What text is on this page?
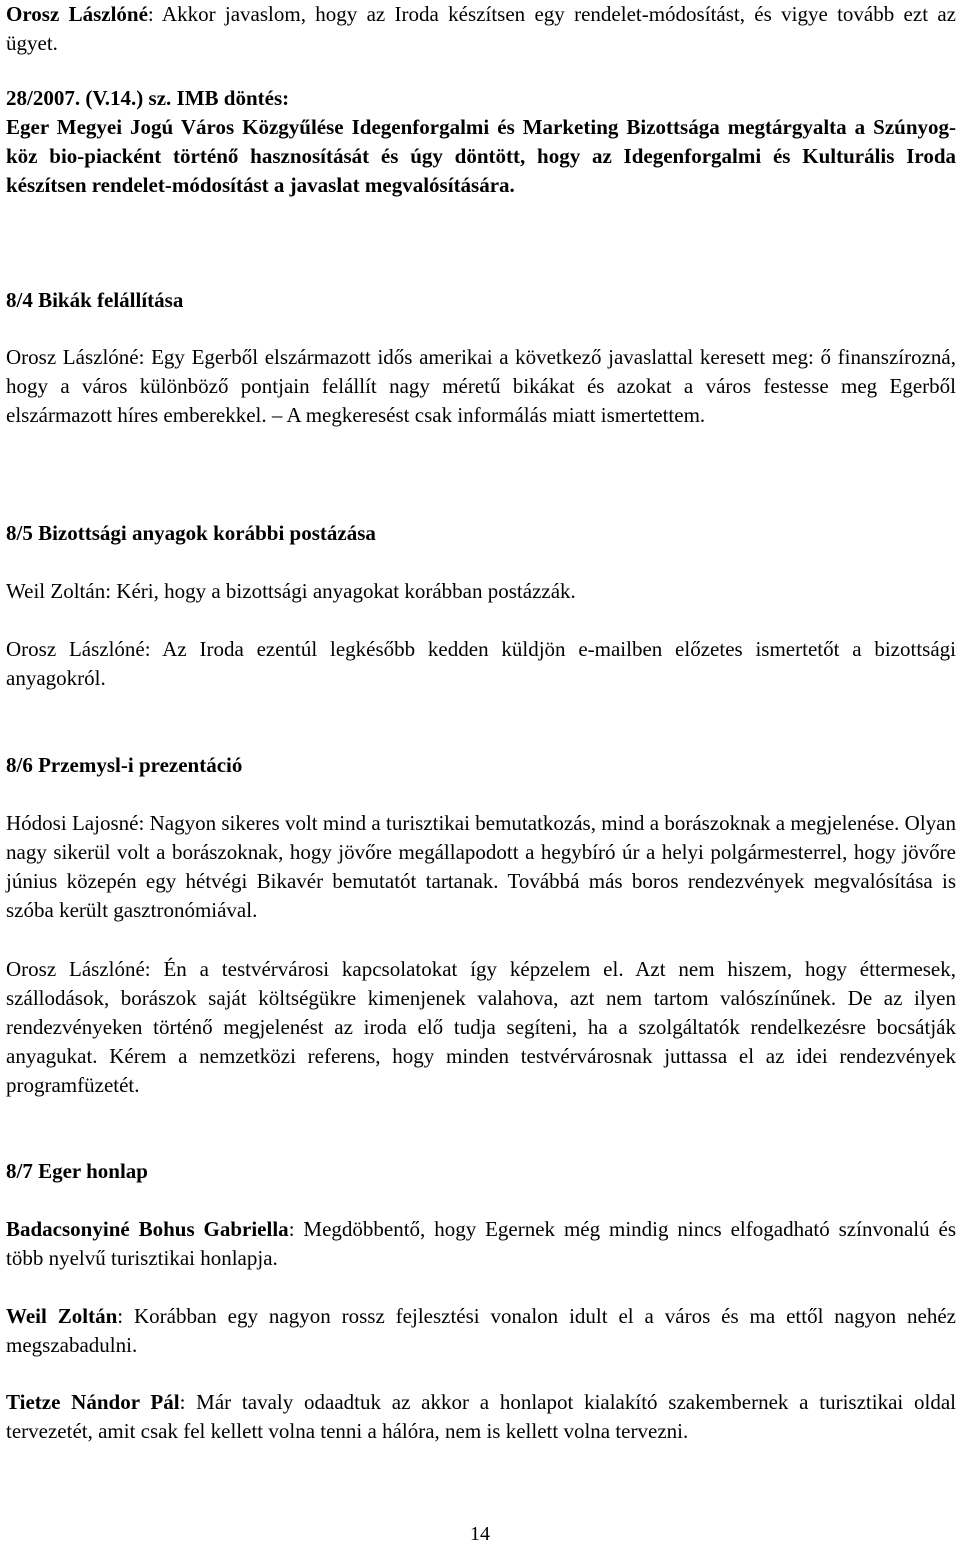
Orosz Lászlóné: Akkor javaslom, hogy az Iroda készítsen egy rendelet-módosítást, és vigye tovább ezt az ügyet.

28/2007. (V.14.) sz. IMB döntés:

Eger Megyei Jogú Város Közgyűlése Idegenforgalmi és Marketing Bizottsága megtárgyalta a Szúnyog-köz bio-piacként történő hasznosítását és úgy döntött, hogy az Idegenforgalmi és Kulturális Iroda készítsen rendelet-módosítást a javaslat megvalósítására.

8/4 Bikák felállítása

Orosz Lászlóné: Egy Egerből elszármazott idős amerikai a következő javaslattal keresett meg: ő finanszírozná, hogy a város különböző pontjain felállít nagy méretű bikákat és azokat a város festesse meg Egerből elszármazott híres emberekkel. – A megkeresést csak informálás miatt ismertettem.

8/5 Bizottsági anyagok korábbi postázása

Weil Zoltán: Kéri, hogy a bizottsági anyagokat korábban postázzák.

Orosz Lászlóné: Az Iroda ezentúl legkésőbb kedden küldjön e-mailben előzetes ismertetőt a bizottsági anyagokról.

8/6 Przemysl-i prezentáció

Hódosi Lajosné: Nagyon sikeres volt mind a turisztikai bemutatkozás, mind a borászoknak a megjelenése. Olyan nagy sikerül volt a borászoknak, hogy jövőre megállapodott a hegybíró úr a helyi polgármesterrel, hogy jövőre június közepén egy hétvégi Bikavér bemutatót tartanak. Továbbá más boros rendezvények megvalósítása is szóba került gasztronómiával.

Orosz Lászlóné: Én a testvérvárosi kapcsolatokat így képzelem el. Azt nem hiszem, hogy éttermesek, szállodások, borászok saját költségükre kimenjenek valahova, azt nem tartom valószínűnek. De az ilyen rendezvényeken történő megjelenést az iroda elő tudja segíteni, ha a szolgáltatók rendelkezésre bocsátják anyagukat. Kérem a nemzetközi referens, hogy minden testvérvárosnak juttassa el az idei rendezvények programfüzetét.

8/7 Eger honlap

Badacsonyiné Bohus Gabriella: Megdöbbentő, hogy Egernek még mindig nincs elfogadható színvonalú és több nyelvű turisztikai honlapja.

Weil Zoltán: Korábban egy nagyon rossz fejlesztési vonalon idult el a város és ma ettől nagyon nehéz megszabadulni.

Tietze Nándor Pál: Már tavaly odaadtuk az akkor a honlapot kialakító szakembernek a turisztikai oldal tervezetét, amit csak fel kellett volna tenni a hálóra, nem is kellett volna tervezni.

14
